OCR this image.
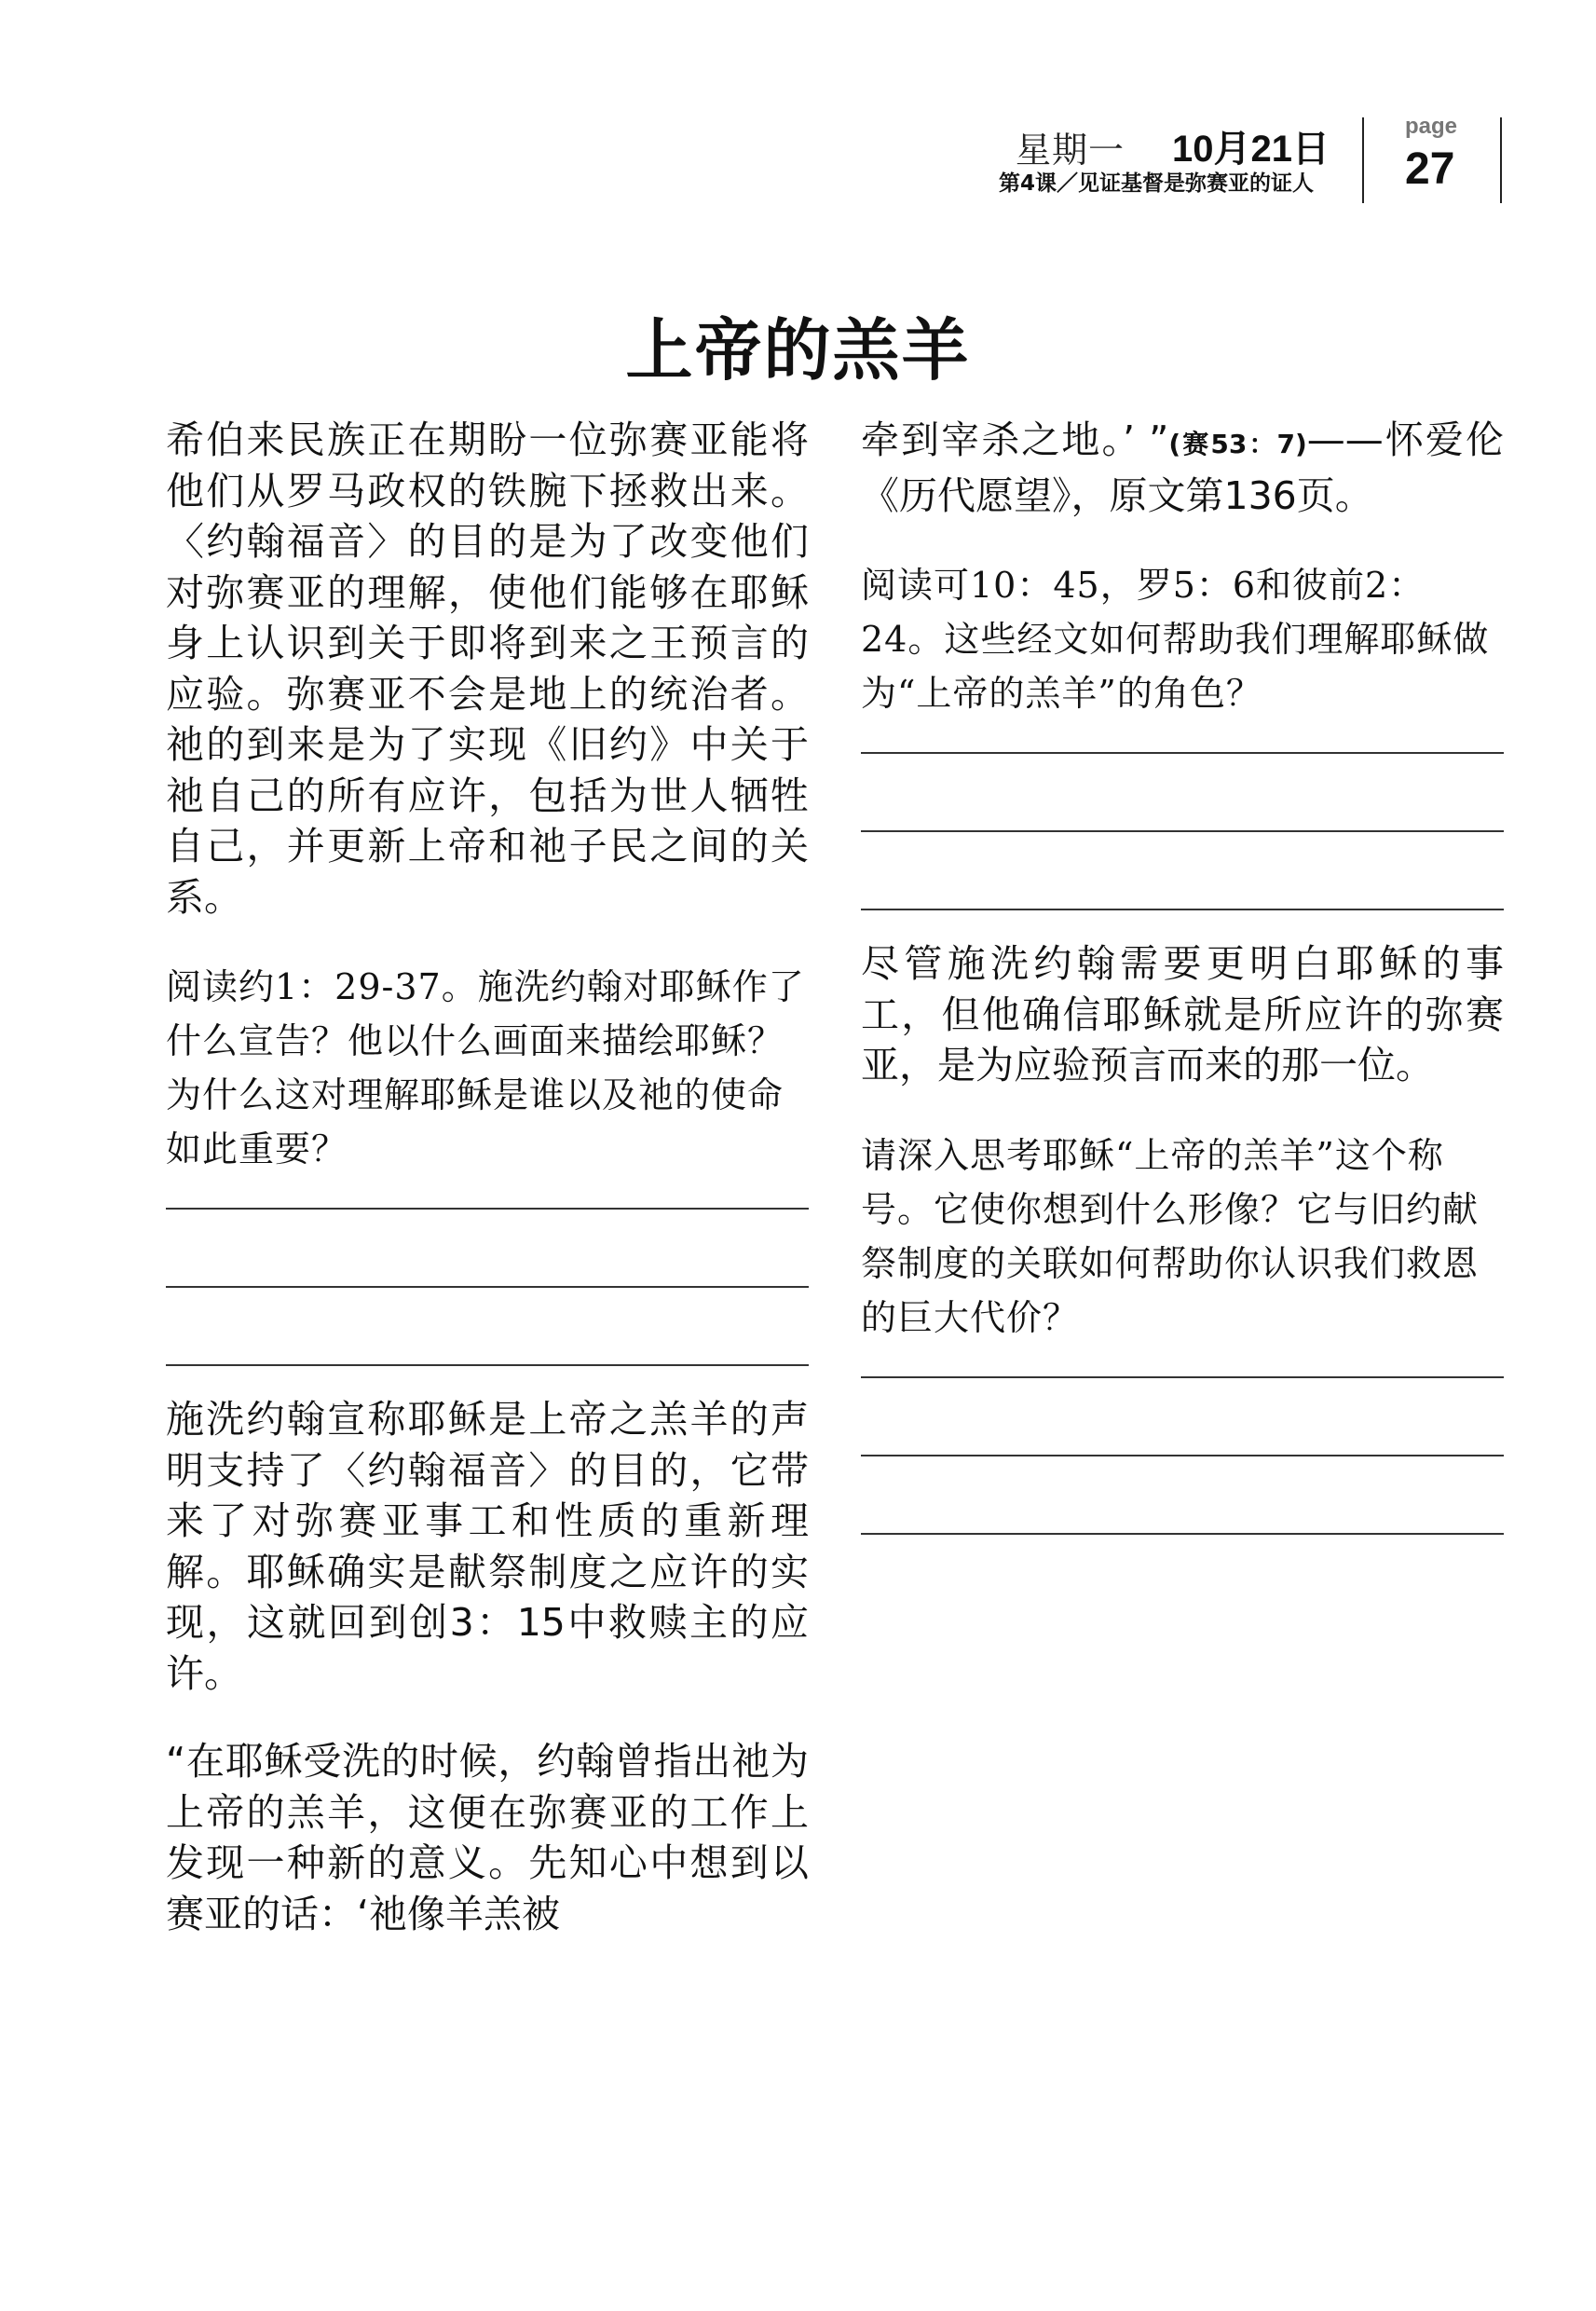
星期一 10月21日
第4课／见证基督是弥赛亚的证人
page
27
上帝的羔羊

希伯来民族正在期盼一位弥赛亚能将他们从罗马政权的铁腕下拯救出来。〈约翰福音〉的目的是为了改变他们对弥赛亚的理解，使他们能够在耶稣身上认识到关于即将到来之王预言的应验。弥赛亚不会是地上的统治者。祂的到来是为了实现《旧约》中关于祂自己的所有应许，包括为世人牺牲自己，并更新上帝和祂子民之间的关系。

阅读约1：29-37。施洗约翰对耶稣作了什么宣告？他以什么画面来描绘耶稣？为什么这对理解耶稣是谁以及祂的使命如此重要？

施洗约翰宣称耶稣是上帝之羔羊的声明支持了〈约翰福音〉的目的，它带来了对弥赛亚事工和性质的重新理解。耶稣确实是献祭制度之应许的实现，这就回到创3：15中救赎主的应许。

“在耶稣受洗的时候，约翰曾指出祂为上帝的羔羊，这便在弥赛亚的工作上发现一种新的意义。先知心中想到以赛亚的话：‘祂像羊羔被

牵到宰杀之地。’ ”(赛53：7)——怀爱伦《历代愿望》，原文第136页。

阅读可10：45，罗5：6和彼前2：24。这些经文如何帮助我们理解耶稣做为“上帝的羔羊”的角色？

尽管施洗约翰需要更明白耶稣的事工，但他确信耶稣就是所应许的弥赛亚，是为应验预言而来的那一位。

请深入思考耶稣“上帝的羔羊”这个称号。它使你想到什么形像？它与旧约献祭制度的关联如何帮助你认识我们救恩的巨大代价？
